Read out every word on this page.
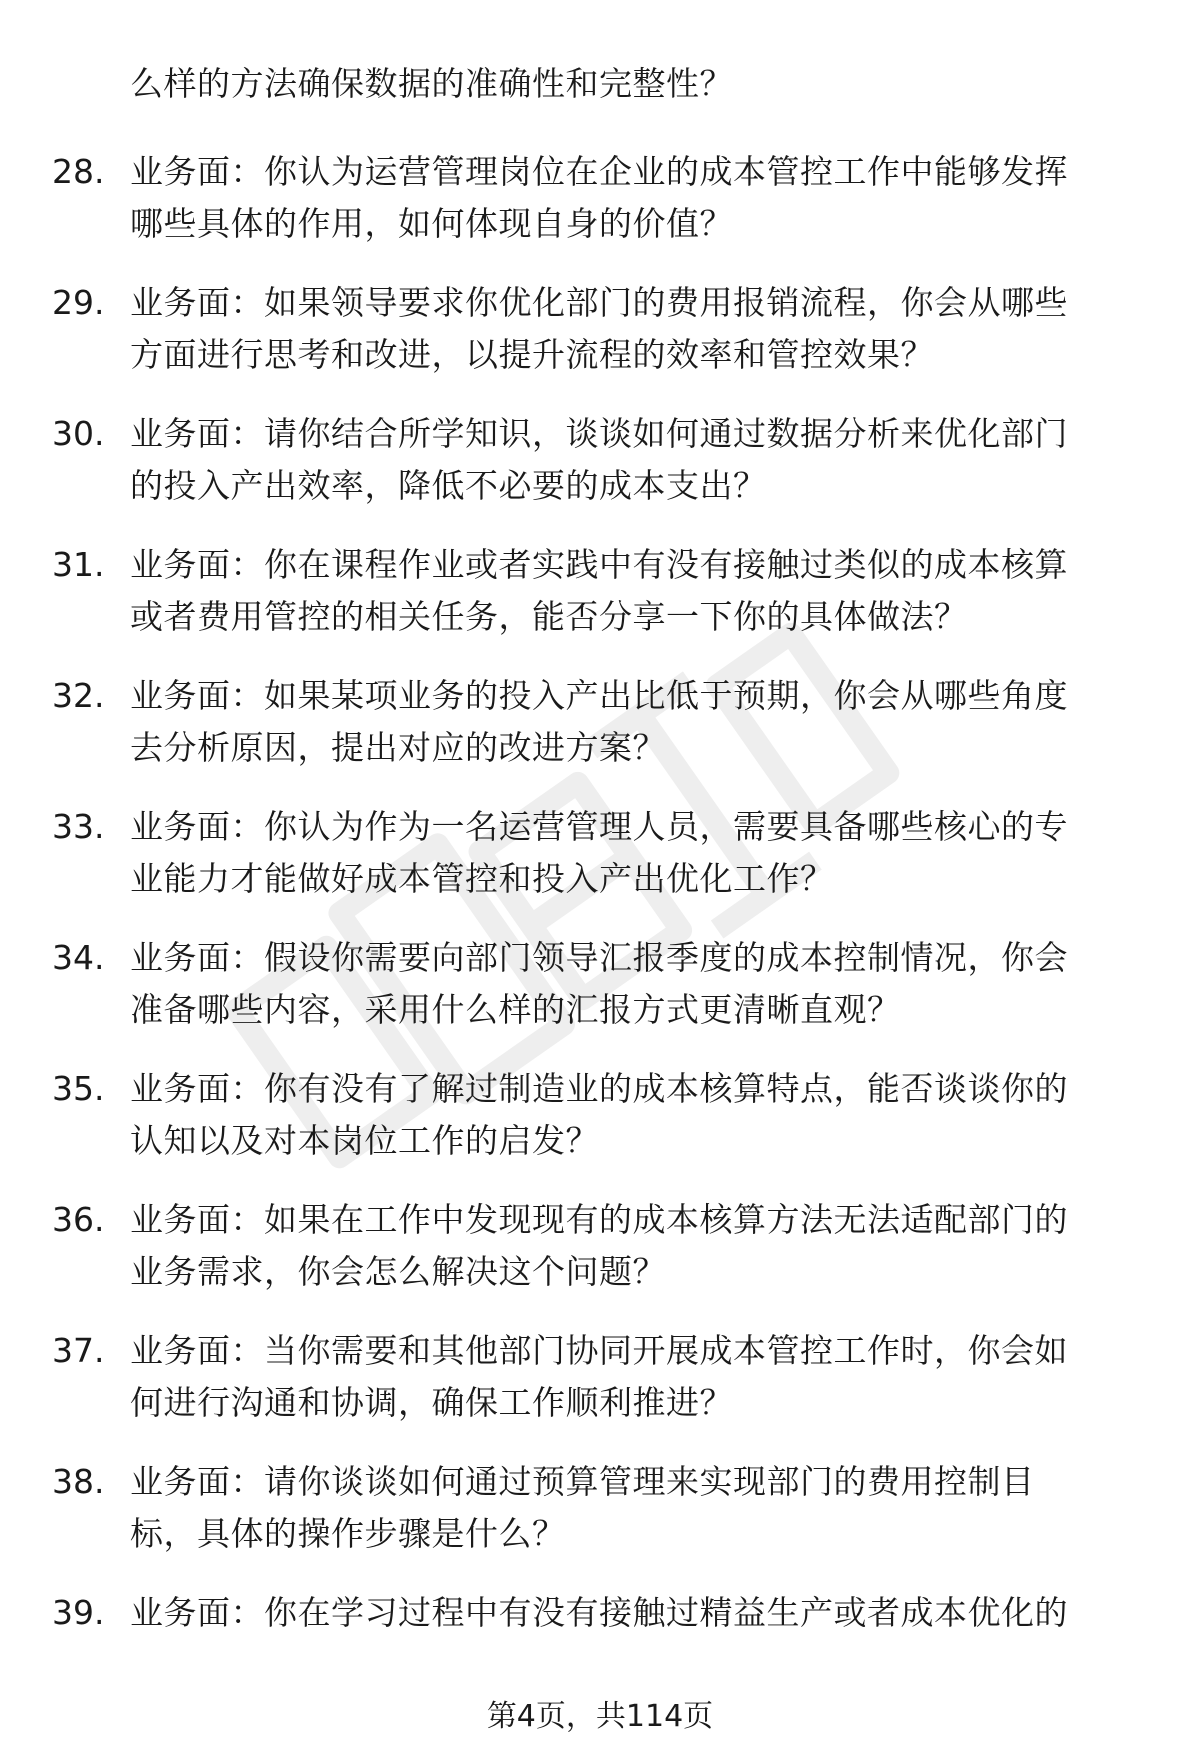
么样的方法确保数据的准确性和完整性？
28. 业务面：你认为运营管理岗位在企业的成本管控工作中能够发挥
哪些具体的作用，如何体现自身的价值？
29. 业务面：如果领导要求你优化部门的费用报销流程，你会从哪些
方面进行思考和改进，以提升流程的效率和管控效果？
30. 业务面：请你结合所学知识，谈谈如何通过数据分析来优化部门
的投入产出效率，降低不必要的成本支出？
31. 业务面：你在课程作业或者实践中有没有接触过类似的成本核算
或者费用管控的相关任务，能否分享一下你的具体做法？
32. 业务面：如果某项业务的投入产出比低于预期，你会从哪些角度
去分析原因，提出对应的改进方案？
33. 业务面：你认为作为一名运营管理人员，需要具备哪些核心的专
业能力才能做好成本管控和投入产出优化工作？
34. 业务面：假设你需要向部门领导汇报季度的成本控制情况，你会
准备哪些内容，采用什么样的汇报方式更清晰直观？
35. 业务面：你有没有了解过制造业的成本核算特点，能否谈谈你的
认知以及对本岗位工作的启发？
36. 业务面：如果在工作中发现现有的成本核算方法无法适配部门的
业务需求，你会怎么解决这个问题？
37. 业务面：当你需要和其他部门协同开展成本管控工作时，你会如
何进行沟通和协调，确保工作顺利推进？
38. 业务面：请你谈谈如何通过预算管理来实现部门的费用控制目
标，具体的操作步骤是什么？
39. 业务面：你在学习过程中有没有接触过精益生产或者成本优化的
第4页，共114页
